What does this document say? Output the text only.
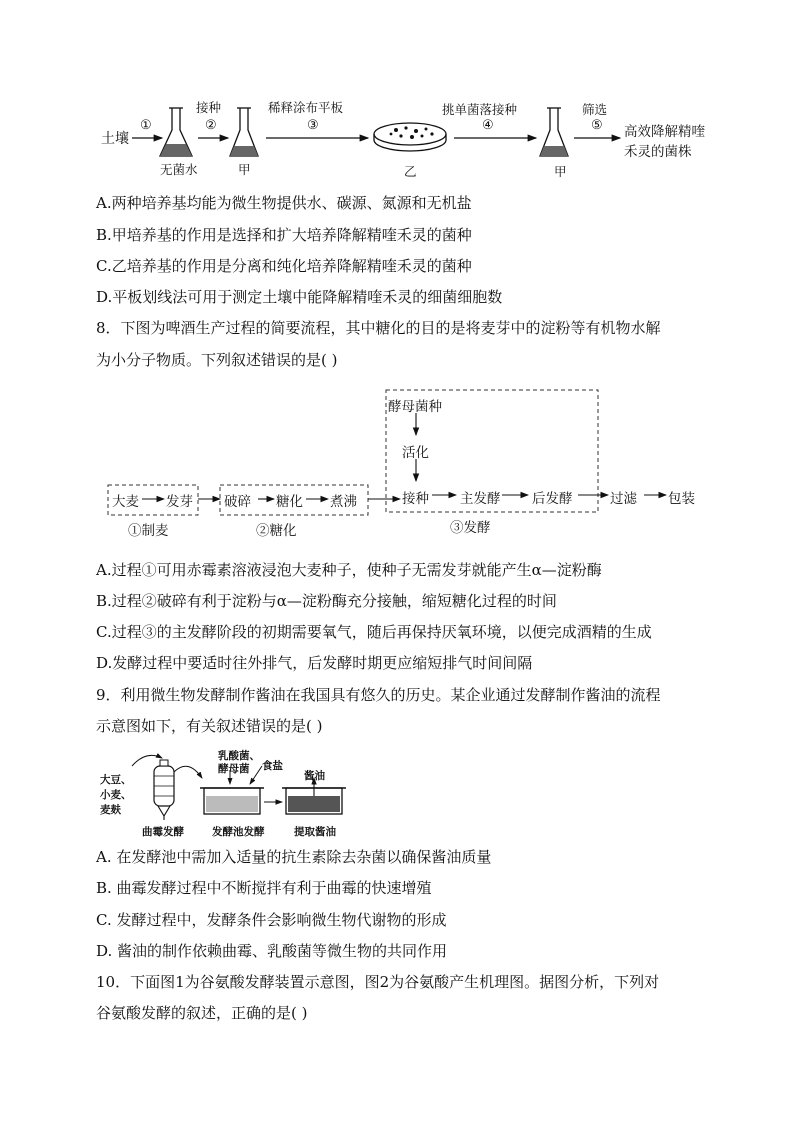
土壤
①
接种
②
稀释涂布平板
③
挑单菌落接种
④
筛选
⑤ 高效降解精喹
禾灵的菌株
无菌水	甲	乙	甲
A.两种培养基均能为微生物提供水、碳源、氮源和无机盐
B.甲培养基的作用是选择和扩大培养降解精喹禾灵的菌种
C.乙培养基的作用是分离和纯化培养降解精喹禾灵的菌种
D.平板划线法可用于测定土壤中能降解精喹禾灵的细菌细胞数
8．下图为啤酒生产过程的简要流程，其中糖化的目的是将麦芽中的淀粉等有机物水解
为小分子物质。下列叙述错误的是( )
酵母菌种
活化
大麦 发芽 破碎 糖化 煮沸	接种 主发酵 后发酵	过滤 包装
①制麦	②糖化	③发酵
A.过程①可用赤霉素溶液浸泡大麦种子，使种子无需发芽就能产生α—淀粉酶
B.过程②破碎有利于淀粉与α—淀粉酶充分接触，缩短糖化过程的时间
C.过程③的主发酵阶段的初期需要氧气，随后再保持厌氧环境，以便完成酒精的生成
D.发酵过程中要适时往外排气，后发酵时期更应缩短排气时间间隔
9．利用微生物发酵制作酱油在我国具有悠久的历史。某企业通过发酵制作酱油的流程
示意图如下，有关叙述错误的是( )
大豆、
小麦、
麦麸
乳酸菌、
酵母菌 食盐
酱油
曲霉发酵	发酵池发酵	提取酱油
A. 在发酵池中需加入适量的抗生素除去杂菌以确保酱油质量
B. 曲霉发酵过程中不断搅拌有利于曲霉的快速增殖
C. 发酵过程中，发酵条件会影响微生物代谢物的形成
D. 酱油的制作依赖曲霉、乳酸菌等微生物的共同作用
10．下面图1为谷氨酸发酵装置示意图，图2为谷氨酸产生机理图。据图分析，下列对
谷氨酸发酵的叙述，正确的是( )
